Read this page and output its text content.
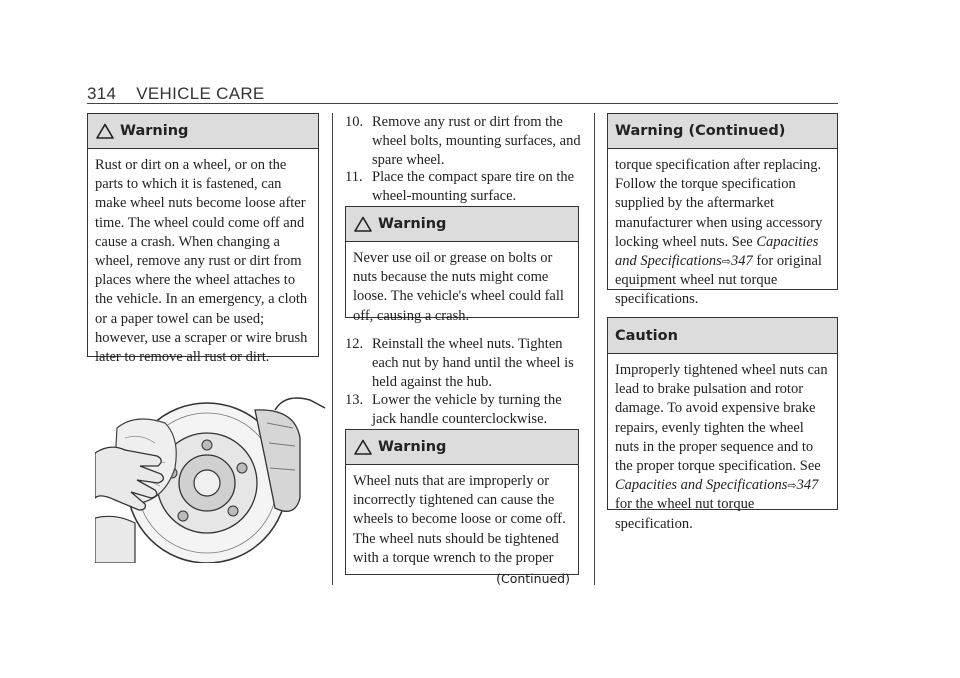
314 VEHICLE CARE
Warning
Rust or dirt on a wheel, or on the parts to which it is fastened, can make wheel nuts become loose after time. The wheel could come off and cause a crash. When changing a wheel, remove any rust or dirt from places where the wheel attaches to the vehicle. In an emergency, a cloth or a paper towel can be used; however, use a scraper or wire brush later to remove all rust or dirt.
10. Remove any rust or dirt from the wheel bolts, mounting surfaces, and spare wheel.
11. Place the compact spare tire on the wheel-mounting surface.
Warning
Never use oil or grease on bolts or nuts because the nuts might come loose. The vehicle's wheel could fall off, causing a crash.
12. Reinstall the wheel nuts. Tighten each nut by hand until the wheel is held against the hub.
13. Lower the vehicle by turning the jack handle counterclockwise.
Warning
Wheel nuts that are improperly or incorrectly tightened can cause the wheels to become loose or come off. The wheel nuts should be tightened with a torque wrench to the proper
(Continued)
Warning (Continued)
torque specification after replacing. Follow the torque specification supplied by the aftermarket manufacturer when using accessory locking wheel nuts. See Capacities and Specifications⇨347 for original equipment wheel nut torque specifications.
Caution
Improperly tightened wheel nuts can lead to brake pulsation and rotor damage. To avoid expensive brake repairs, evenly tighten the wheel nuts in the proper sequence and to the proper torque specification. See Capacities and Specifications⇨347 for the wheel nut torque specification.
